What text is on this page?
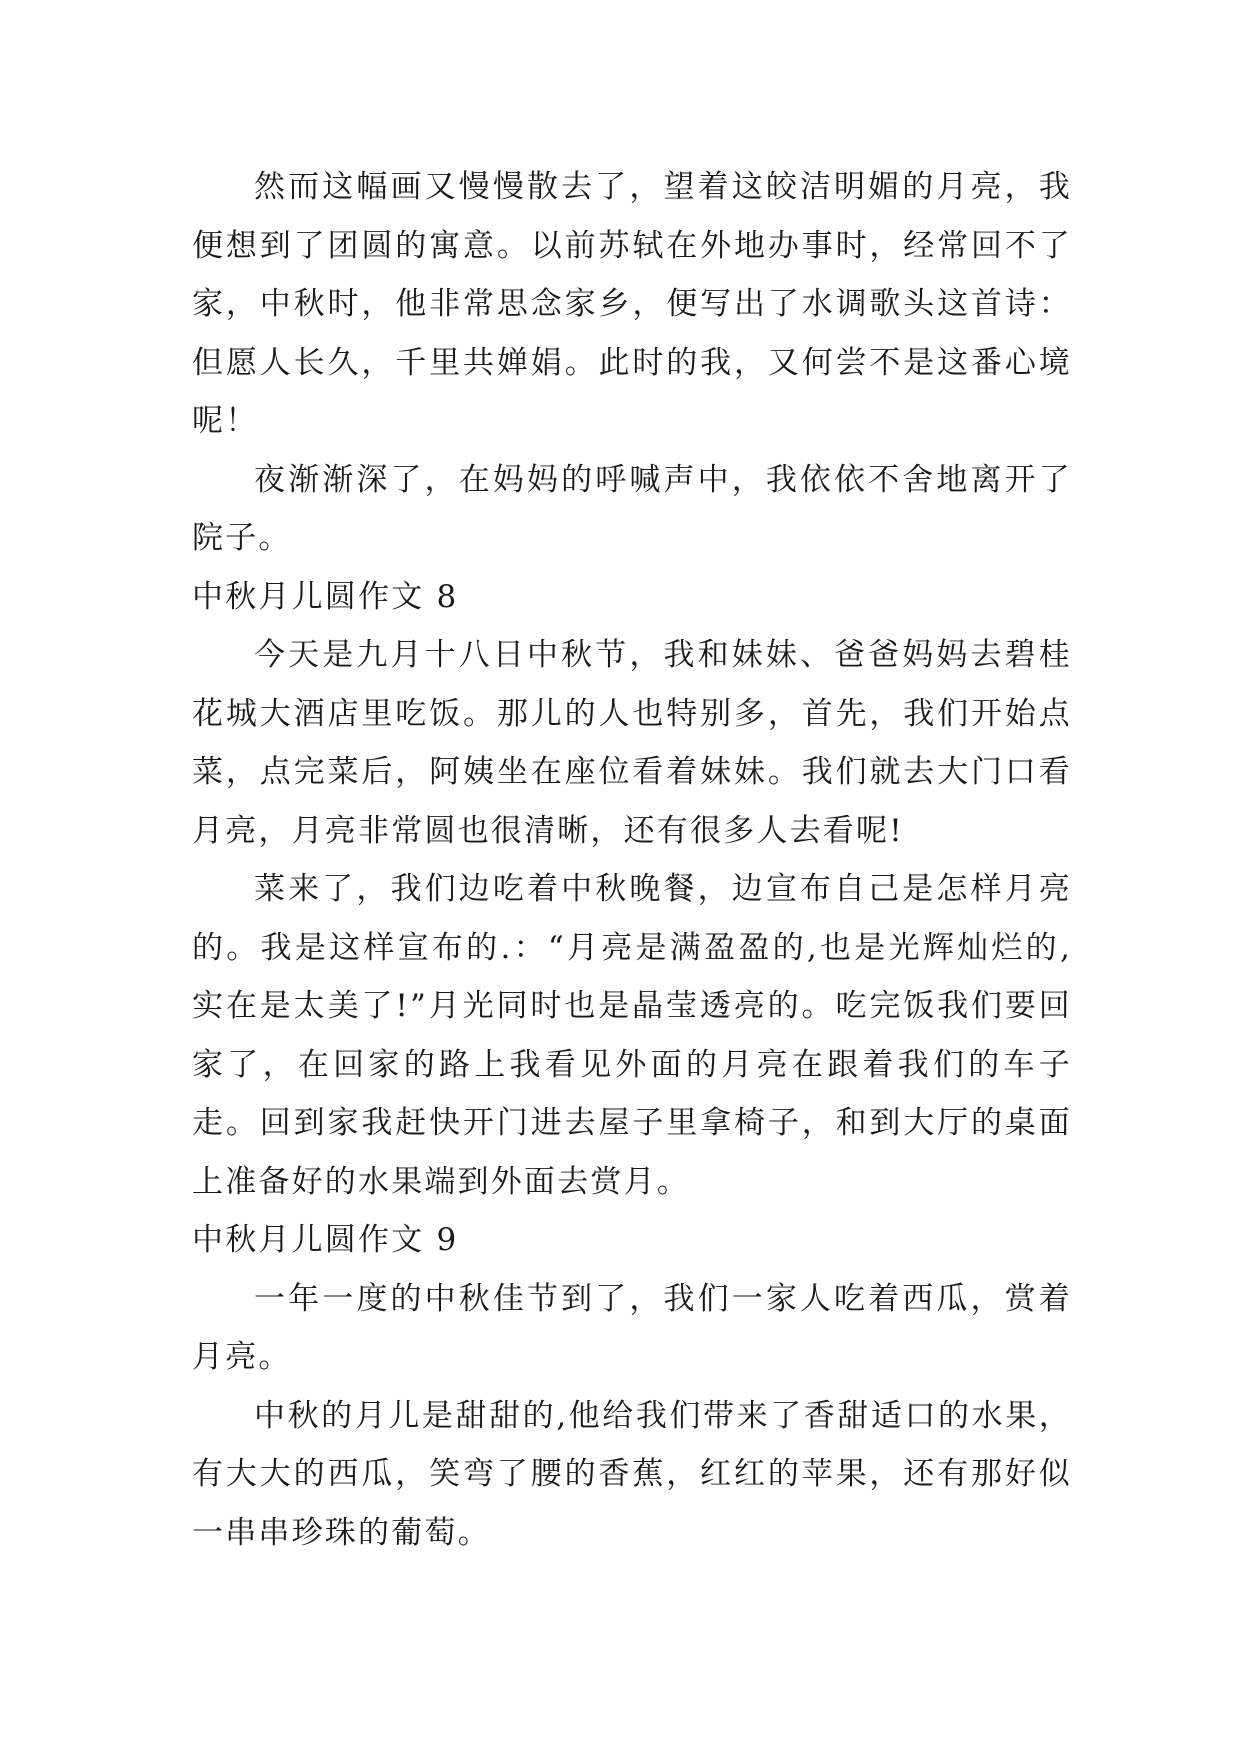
然而这幅画又慢慢散去了，望着这皎洁明媚的月亮，我便想到了团圆的寓意。以前苏轼在外地办事时，经常回不了家，中秋时，他非常思念家乡，便写出了水调歌头这首诗：但愿人长久，千里共婵娟。此时的我，又何尝不是这番心境呢！

夜渐渐深了，在妈妈的呼喊声中，我依依不舍地离开了院子。

中秋月儿圆作文 8

今天是九月十八日中秋节，我和妹妹、爸爸妈妈去碧桂花城大酒店里吃饭。那儿的人也特别多，首先，我们开始点菜，点完菜后，阿姨坐在座位看着妹妹。我们就去大门口看月亮，月亮非常圆也很清晰，还有很多人去看呢!

菜来了，我们边吃着中秋晚餐，边宣布自己是怎样月亮的。我是这样宣布的.：“月亮是满盈盈的,也是光辉灿烂的,实在是太美了!”月光同时也是晶莹透亮的。吃完饭我们要回家了，在回家的路上我看见外面的月亮在跟着我们的车子走。回到家我赶快开门进去屋子里拿椅子，和到大厅的桌面上准备好的水果端到外面去赏月。

中秋月儿圆作文 9

一年一度的中秋佳节到了，我们一家人吃着西瓜，赏着月亮。

中秋的月儿是甜甜的,他给我们带来了香甜适口的水果，有大大的西瓜，笑弯了腰的香蕉，红红的苹果，还有那好似一串串珍珠的葡萄。
